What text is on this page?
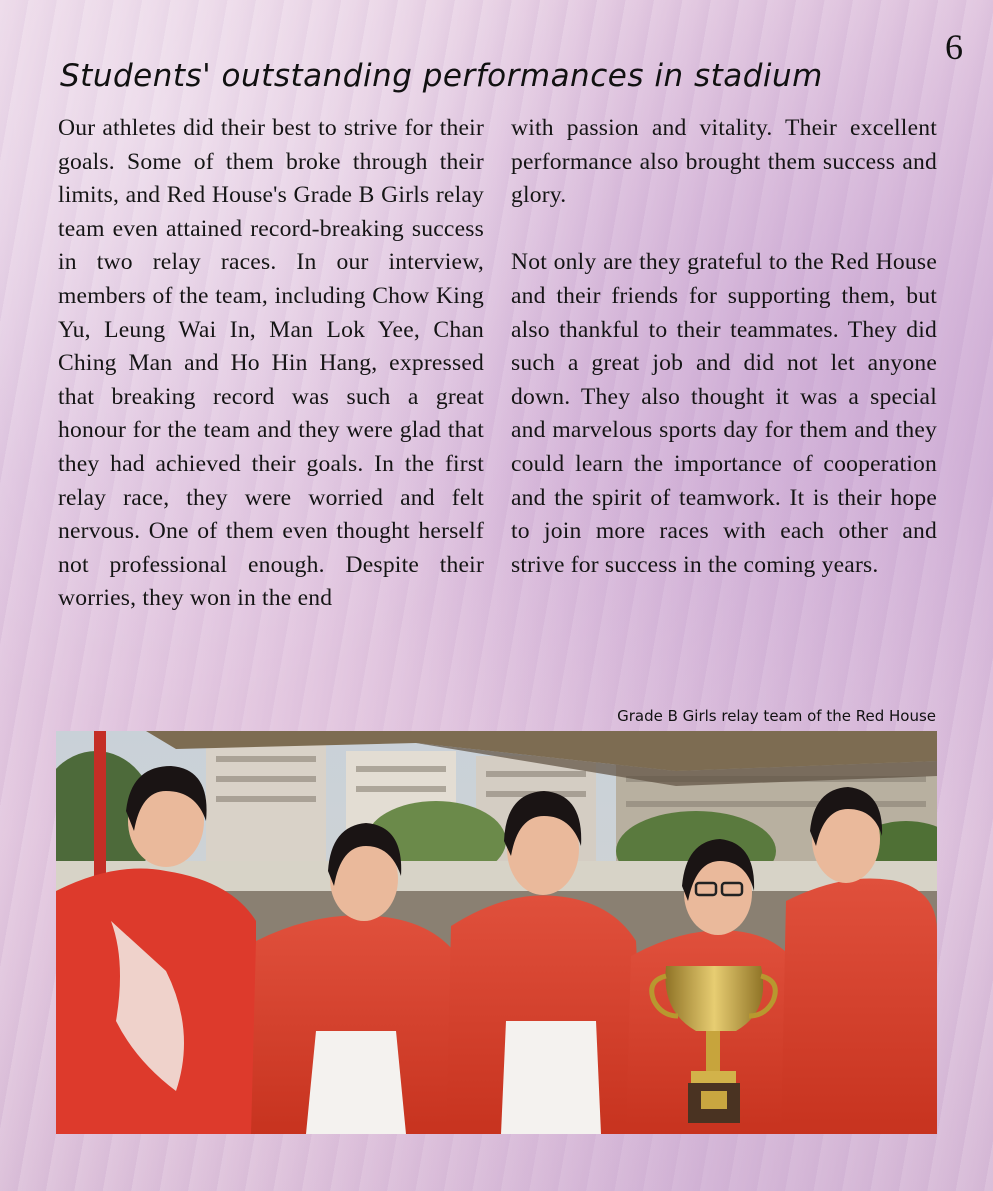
6
Students' outstanding performances in stadium

Our athletes did their best to strive for their goals. Some of them broke through their limits, and Red House's Grade B Girls relay team even attained record-breaking success in two relay races. In our interview, members of the team, including Chow King Yu, Leung Wai In, Man Lok Yee, Chan Ching Man and Ho Hin Hang, expressed that breaking record was such a great honour for the team and they were glad that they had achieved their goals. In the first relay race, they were worried and felt nervous. One of them even thought herself not professional enough. Despite their worries, they won in the end

with passion and vitality. Their excellent performance also brought them success and glory.

Not only are they grateful to the Red House and their friends for supporting them, but also thankful to their teammates. They did such a great job and did not let anyone down. They also thought it was a special and marvelous sports day for them and they could learn the importance of cooperation and the spirit of teamwork. It is their hope to join more races with each other and strive for success in the coming years.

Grade B Girls relay team of the Red House
